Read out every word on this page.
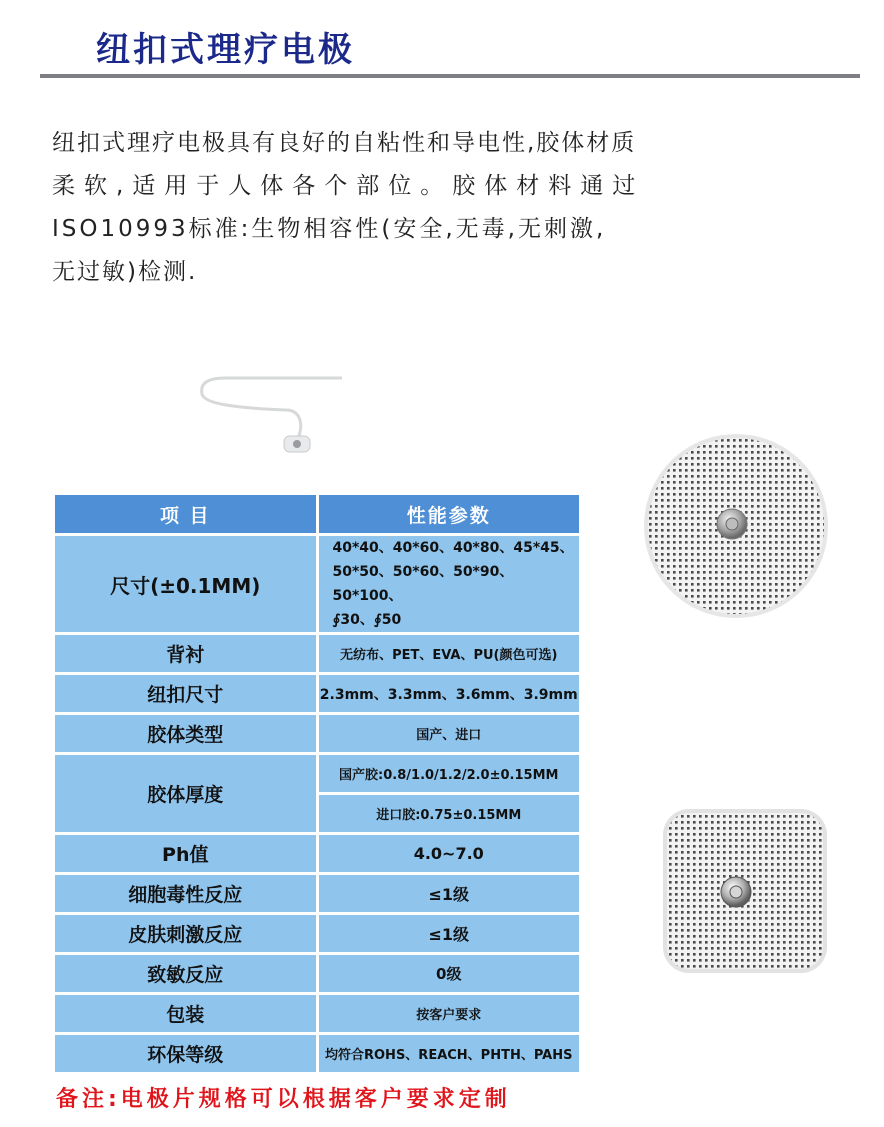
纽扣式理疗电极
纽扣式理疗电极具有良好的自粘性和导电性,胶体材质
柔软,适用于人体各个部位。胶体材料通过
ISO10993标准:生物相容性(安全,无毒,无刺激,
无过敏)检测.
项 目	性能参数
尺寸(±0.1MM)	40*40、40*60、40*80、45*45、
50*50、50*60、50*90、50*100、
∮30、∮50

背衬	无纺布、PET、EVA、PU(颜色可选)
纽扣尺寸	2.3mm、3.3mm、3.6mm、3.9mm
胶体类型	国产、进口
胶体厚度	国产胶:0.8/1.0/1.2/2.0±0.15MM
	进口胶:0.75±0.15MM
Ph值	4.0~7.0
细胞毒性反应	≤1级
皮肤刺激反应	≤1级
致敏反应	0级
包装	按客户要求
环保等级	均符合ROHS、REACH、PHTH、PAHS

备注:电极片规格可以根据客户要求定制
